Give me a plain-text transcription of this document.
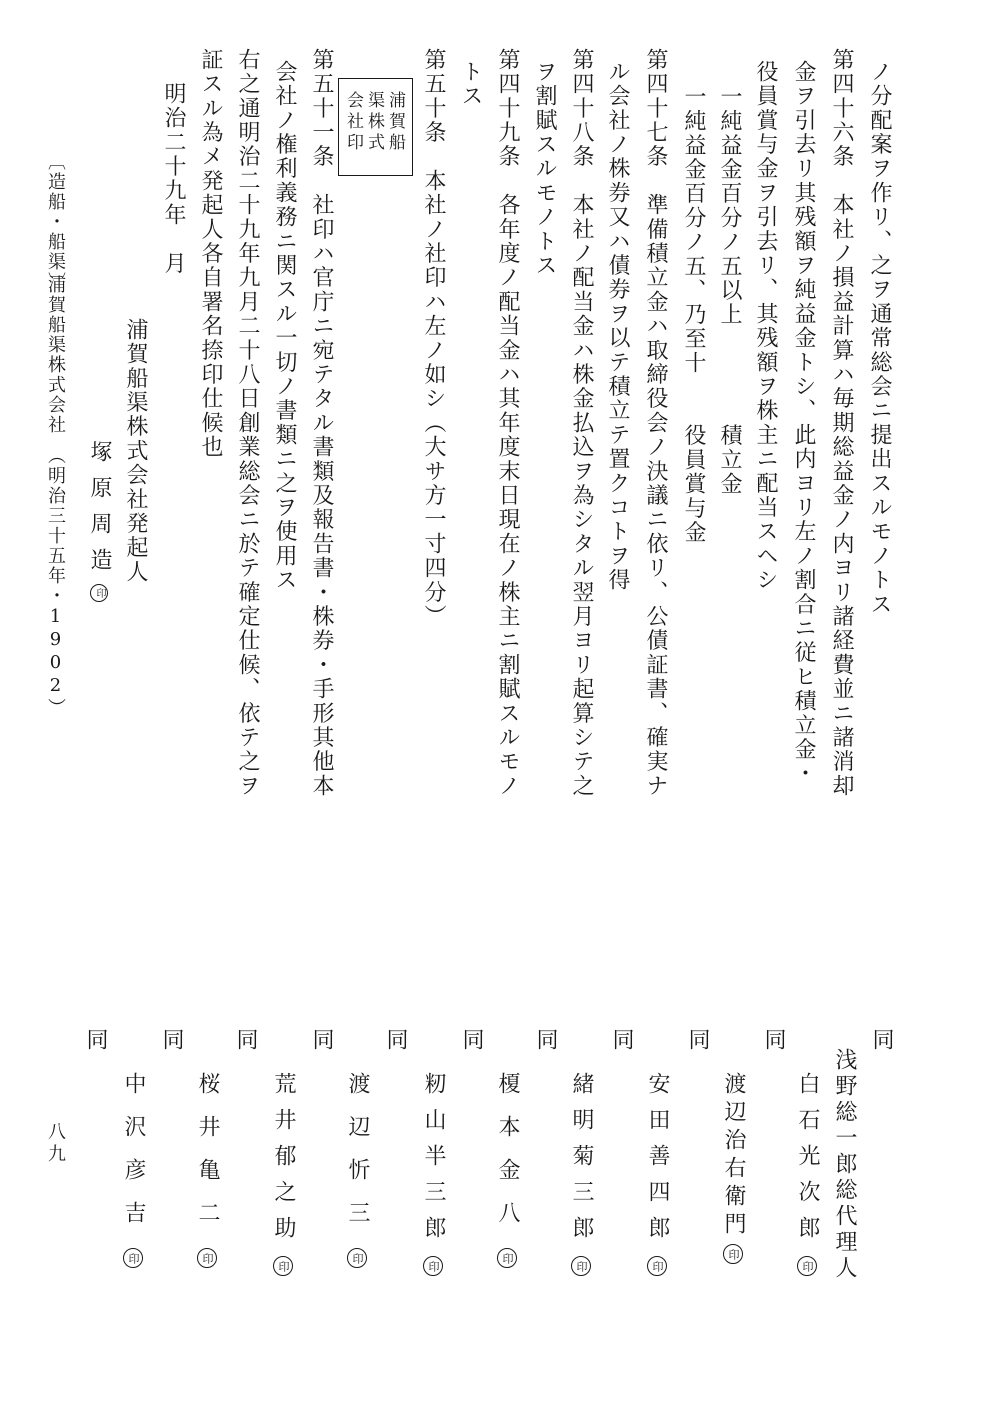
ノ分配案ヲ作リ、之ヲ通常総会ニ提出スルモノトス
第四十六条　本社ノ損益計算ハ毎期総益金ノ内ヨリ諸経費並ニ諸消却
金ヲ引去リ其残額ヲ純益金トシ、此内ヨリ左ノ割合ニ従ヒ積立金・
役員賞与金ヲ引去リ、其残額ヲ株主ニ配当スヘシ
一純益金百分ノ五以上　　　　積立金
一純益金百分ノ五、乃至十　　役員賞与金
第四十七条　準備積立金ハ取締役会ノ決議ニ依リ、公債証書、確実ナ
ル会社ノ株券又ハ債券ヲ以テ積立テ置クコトヲ得
第四十八条　本社ノ配当金ハ株金払込ヲ為シタル翌月ヨリ起算シテ之
ヲ割賦スルモノトス
第四十九条　各年度ノ配当金ハ其年度末日現在ノ株主ニ割賦スルモノ
トス
第五十条　本社ノ社印ハ左ノ如シ（大サ方一寸四分）
浦賀船
渠株式
会社印
第五十一条　社印ハ官庁ニ宛テタル書類及報告書・株券・手形其他本
会社ノ権利義務ニ関スル一切ノ書類ニ之ヲ使用ス
右之通明治二十九年九月二十八日創業総会ニ於テ確定仕候、依テ之ヲ
証スル為メ発起人各自署名捺印仕候也
明治二十九年　月
浦賀船渠株式会社発起人
塚原周造印
〔造船・船渠〕
浦賀船渠株式会社　（明治三十五年・1902）
同
浅野総一郎総代理人
同
白石光次郎印
同
渡辺治右衛門印
同
安田善四郎印
同
緒明菊三郎印
同
榎本金八印
同
籾山半三郎印
同
渡辺忻三印
同
荒井郁之助印
同
桜井亀二印
同
中沢彦吉印
八九
